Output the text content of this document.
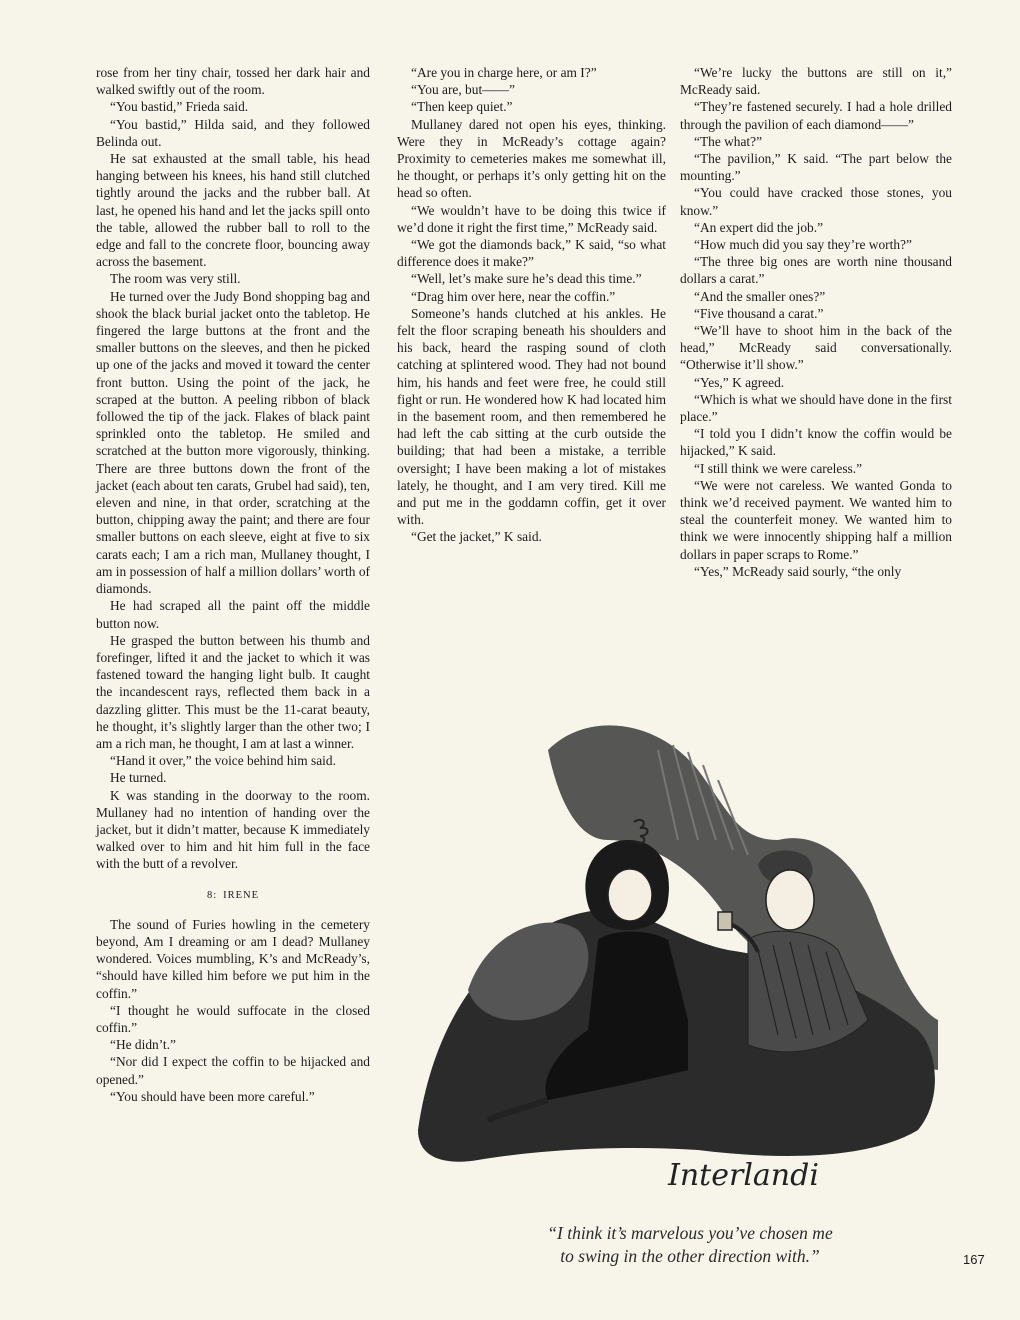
rose from her tiny chair, tossed her dark hair and walked swiftly out of the room.

“You bastid,” Frieda said.

“You bastid,” Hilda said, and they followed Belinda out.

He sat exhausted at the small table, his head hanging between his knees, his hand still clutched tightly around the jacks and the rubber ball. At last, he opened his hand and let the jacks spill onto the table, allowed the rubber ball to roll to the edge and fall to the concrete floor, bouncing away across the basement.

The room was very still.

He turned over the Judy Bond shopping bag and shook the black burial jacket onto the tabletop. He fingered the large buttons at the front and the smaller buttons on the sleeves, and then he picked up one of the jacks and moved it toward the center front button. Using the point of the jack, he scraped at the button. A peeling ribbon of black followed the tip of the jack. Flakes of black paint sprinkled onto the tabletop. He smiled and scratched at the button more vigorously, thinking. There are three buttons down the front of the jacket (each about ten carats, Grubel had said), ten, eleven and nine, in that order, scratching at the button, chipping away the paint; and there are four smaller buttons on each sleeve, eight at five to six carats each; I am a rich man, Mullaney thought, I am in possession of half a million dollars’ worth of diamonds.

He had scraped all the paint off the middle button now.

He grasped the button between his thumb and forefinger, lifted it and the jacket to which it was fastened toward the hanging light bulb. It caught the incandescent rays, reflected them back in a dazzling glitter. This must be the 11-carat beauty, he thought, it’s slightly larger than the other two; I am a rich man, he thought, I am at last a winner.

“Hand it over,” the voice behind him said.

He turned.

K was standing in the doorway to the room. Mullaney had no intention of handing over the jacket, but it didn’t matter, because K immediately walked over to him and hit him full in the face with the butt of a revolver.

8: IRENE

The sound of Furies howling in the cemetery beyond, Am I dreaming or am I dead? Mullaney wondered. Voices mumbling, K’s and McReady’s, “should have killed him before we put him in the coffin.”

“I thought he would suffocate in the closed coffin.”

“He didn’t.”

“Nor did I expect the coffin to be hijacked and opened.”

“You should have been more careful.”

“Are you in charge here, or am I?”

“You are, but——”

“Then keep quiet.”

Mullaney dared not open his eyes, thinking. Were they in McReady’s cottage again? Proximity to cemeteries makes me somewhat ill, he thought, or perhaps it’s only getting hit on the head so often.

“We wouldn’t have to be doing this twice if we’d done it right the first time,” McReady said.

“We got the diamonds back,” K said, “so what difference does it make?”

“Well, let’s make sure he’s dead this time.”

“Drag him over here, near the coffin.”

Someone’s hands clutched at his ankles. He felt the floor scraping beneath his shoulders and his back, heard the rasping sound of cloth catching at splintered wood. They had not bound him, his hands and feet were free, he could still fight or run. He wondered how K had located him in the basement room, and then remembered he had left the cab sitting at the curb outside the building; that had been a mistake, a terrible oversight; I have been making a lot of mistakes lately, he thought, and I am very tired. Kill me and put me in the goddamn coffin, get it over with.

“Get the jacket,” K said.

“We’re lucky the buttons are still on it,” McReady said.

“They’re fastened securely. I had a hole drilled through the pavilion of each diamond——”

“The what?”

“The pavilion,” K said. “The part below the mounting.”

“You could have cracked those stones, you know.”

“An expert did the job.”

“How much did you say they’re worth?”

“The three big ones are worth nine thousand dollars a carat.”

“And the smaller ones?”

“Five thousand a carat.”

“We’ll have to shoot him in the back of the head,” McReady said conversationally. “Otherwise it’ll show.”

“Yes,” K agreed.

“Which is what we should have done in the first place.”

“I told you I didn’t know the coffin would be hijacked,” K said.

“I still think we were careless.”

“We were not careless. We wanted Gonda to think we’d received payment. We wanted him to steal the counterfeit money. We wanted him to think we were innocently shipping half a million dollars in paper scraps to Rome.”

“Yes,” McReady said sourly, “the only

Interlandi
“I think it’s marvelous you’ve chosen me
to swing in the other direction with.”	167
